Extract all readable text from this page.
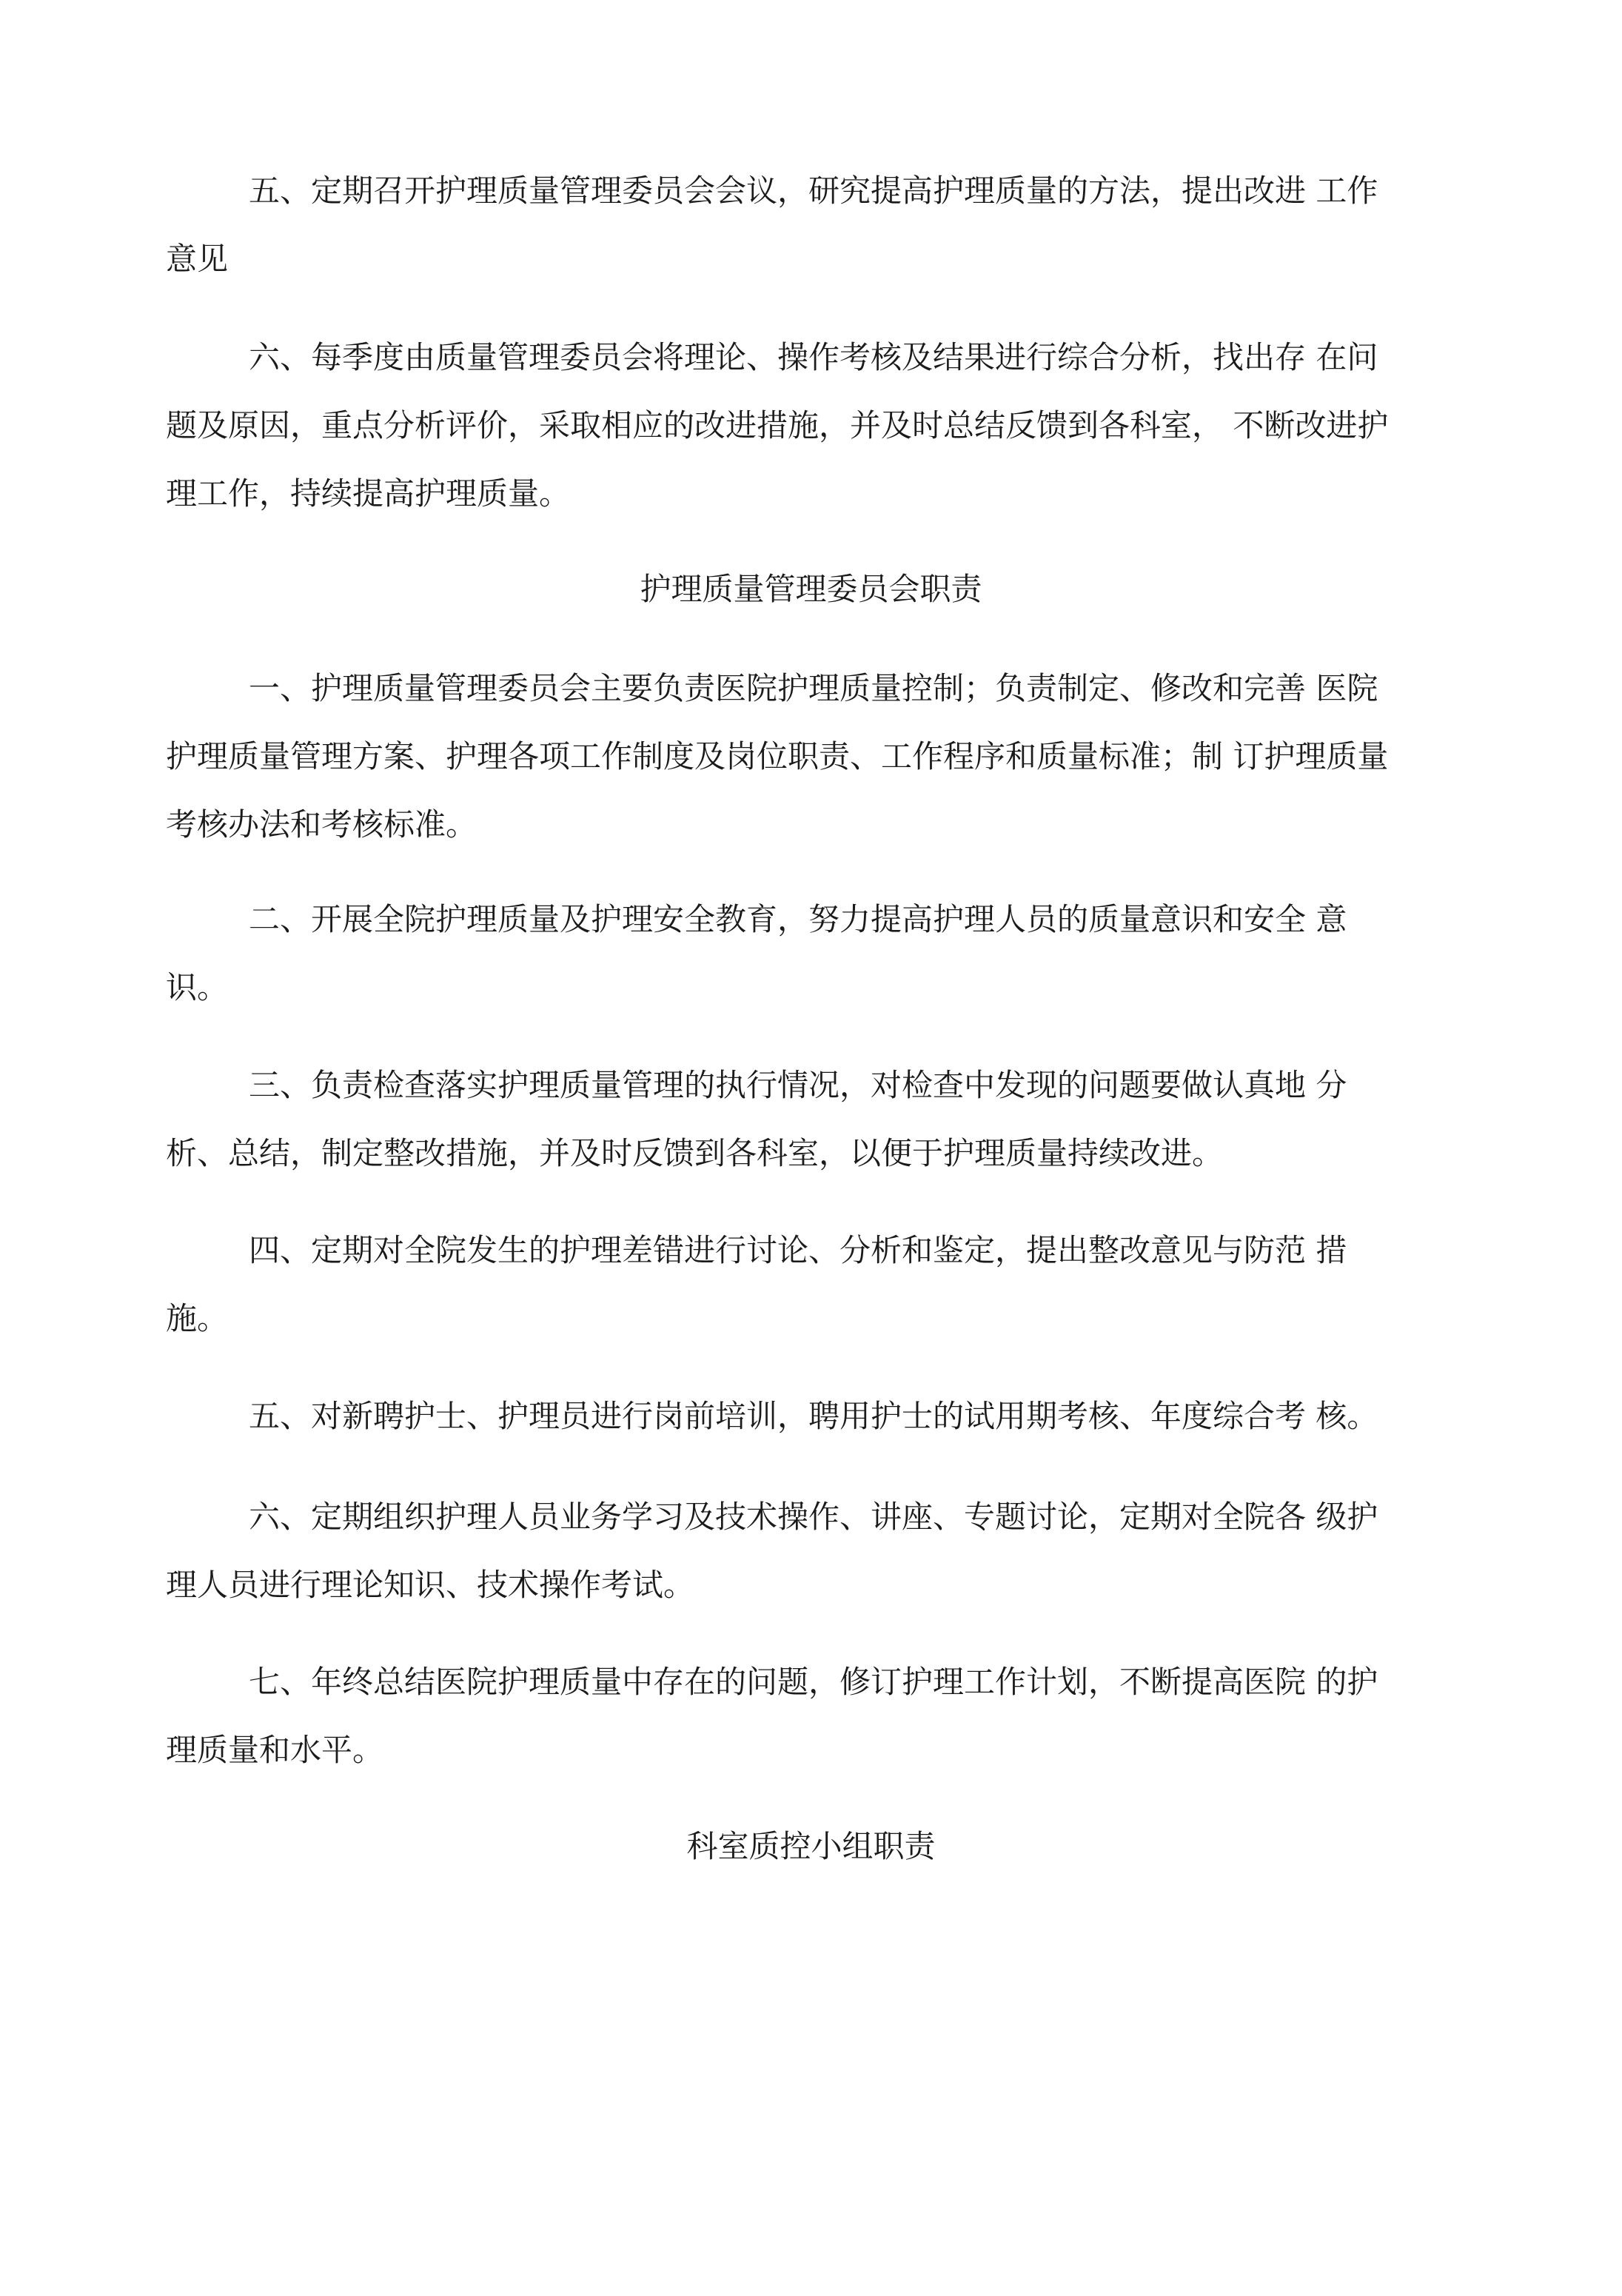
五、定期召开护理质量管理委员会会议，研究提高护理质量的方法，提出改进 工作
意见
六、每季度由质量管理委员会将理论、操作考核及结果进行综合分析，找出存 在问
题及原因，重点分析评价，采取相应的改进措施，并及时总结反馈到各科室， 不断改进护
理工作，持续提高护理质量。
护理质量管理委员会职责
一、护理质量管理委员会主要负责医院护理质量控制；负责制定、修改和完善 医院
护理质量管理方案、护理各项工作制度及岗位职责、工作程序和质量标准；制 订护理质量
考核办法和考核标准。
二、开展全院护理质量及护理安全教育，努力提高护理人员的质量意识和安全 意
识。
三、负责检查落实护理质量管理的执行情况，对检查中发现的问题要做认真地 分
析、总结，制定整改措施，并及时反馈到各科室，以便于护理质量持续改进。
四、定期对全院发生的护理差错进行讨论、分析和鉴定，提出整改意见与防范 措
施。
五、对新聘护士、护理员进行岗前培训，聘用护士的试用期考核、年度综合考 核。
六、定期组织护理人员业务学习及技术操作、讲座、专题讨论，定期对全院各 级护
理人员进行理论知识、技术操作考试。
七、年终总结医院护理质量中存在的问题，修订护理工作计划，不断提高医院 的护
理质量和水平。
科室质控小组职责
